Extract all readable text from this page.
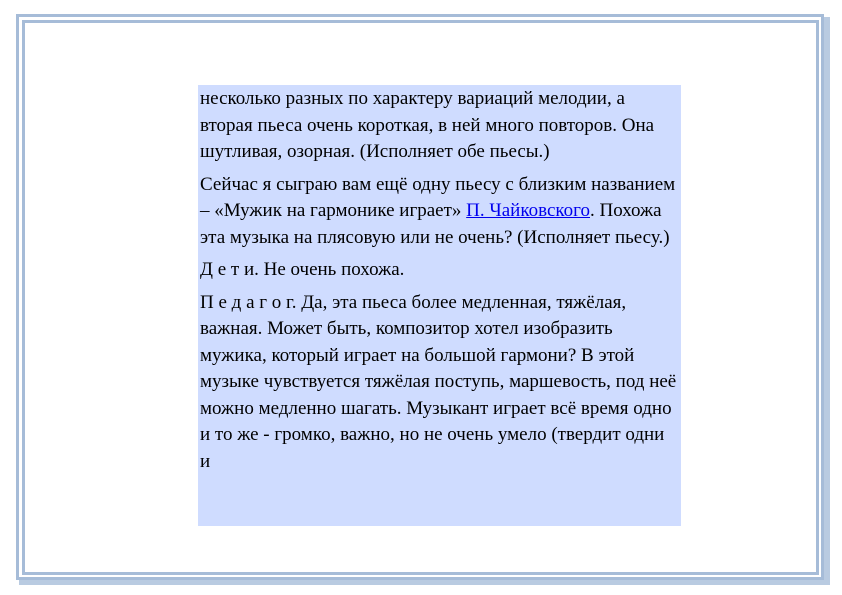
несколько разных по характеру вариаций мелодии, а вторая пьеса очень короткая, в ней много повторов. Она шутливая, озорная. (Исполняет обе пьесы.)

Сейчас я сыграю вам ещё одну пьесу с близким названием – «Мужик на гармонике играет» П. Чайковского. Похожа эта музыка на плясовую или не очень? (Исполняет пьесу.)

Д е т и. Не очень похожа.

П е д а г о г. Да, эта пьеса более медленная, тяжёлая, важная. Может быть, композитор хотел изобразить мужика, который играет на большой гармони? В этой музыке чувствуется тяжёлая поступь, маршевость, под неё можно медленно шагать. Музыкант играет всё время одно и то же - громко, важно, но не очень умело (твердит одни и
